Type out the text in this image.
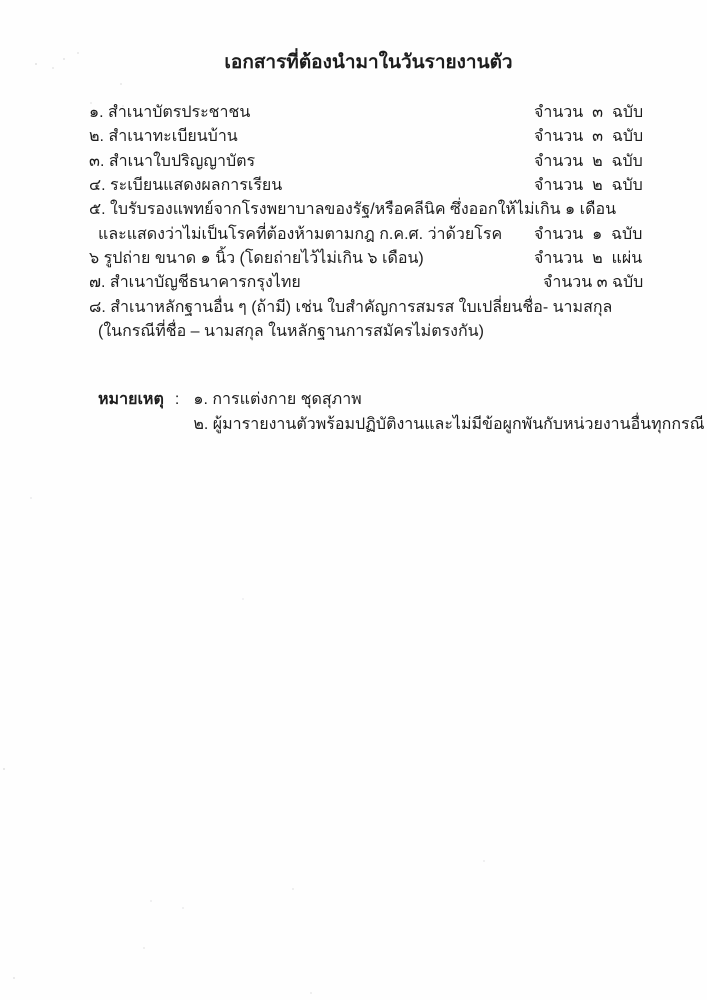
เอกสารที่ต้องนำมาในวันรายงานตัว
๑. สำเนาบัตรประชาชน	จำนวน  ๓  ฉบับ
๒. สำเนาทะเบียนบ้าน	จำนวน  ๓  ฉบับ
๓. สำเนาใบปริญญาบัตร	จำนวน  ๒  ฉบับ
๔. ระเบียนแสดงผลการเรียน	จำนวน  ๒  ฉบับ
๕. ใบรับรองแพทย์จากโรงพยาบาลของรัฐ/หรือคลีนิค ซึ่งออกให้ไม่เกิน ๑ เดือน
และแสดงว่าไม่เป็นโรคที่ต้องห้ามตามกฎ ก.ค.ศ. ว่าด้วยโรค จำนวน  ๑  ฉบับ
๖ รูปถ่าย ขนาด ๑ นิ้ว (โดยถ่ายไว้ไม่เกิน ๖ เดือน)	จำนวน  ๒  แผ่น
๗. สำเนาบัญชีธนาคารกรุงไทย	จำนวน ๓ ฉบับ
๘. สำเนาหลักฐานอื่น ๆ (ถ้ามี) เช่น ใบสำคัญการสมรส ใบเปลี่ยนชื่อ- นามสกุล
(ในกรณีที่ชื่อ – นามสกุล ในหลักฐานการสมัครไม่ตรงกัน)
หมายเหตุ : ๑. การแต่งกาย ชุดสุภาพ
๒. ผู้มารายงานตัวพร้อมปฏิบัติงานและไม่มีข้อผูกพันกับหน่วยงานอื่นทุกกรณี
